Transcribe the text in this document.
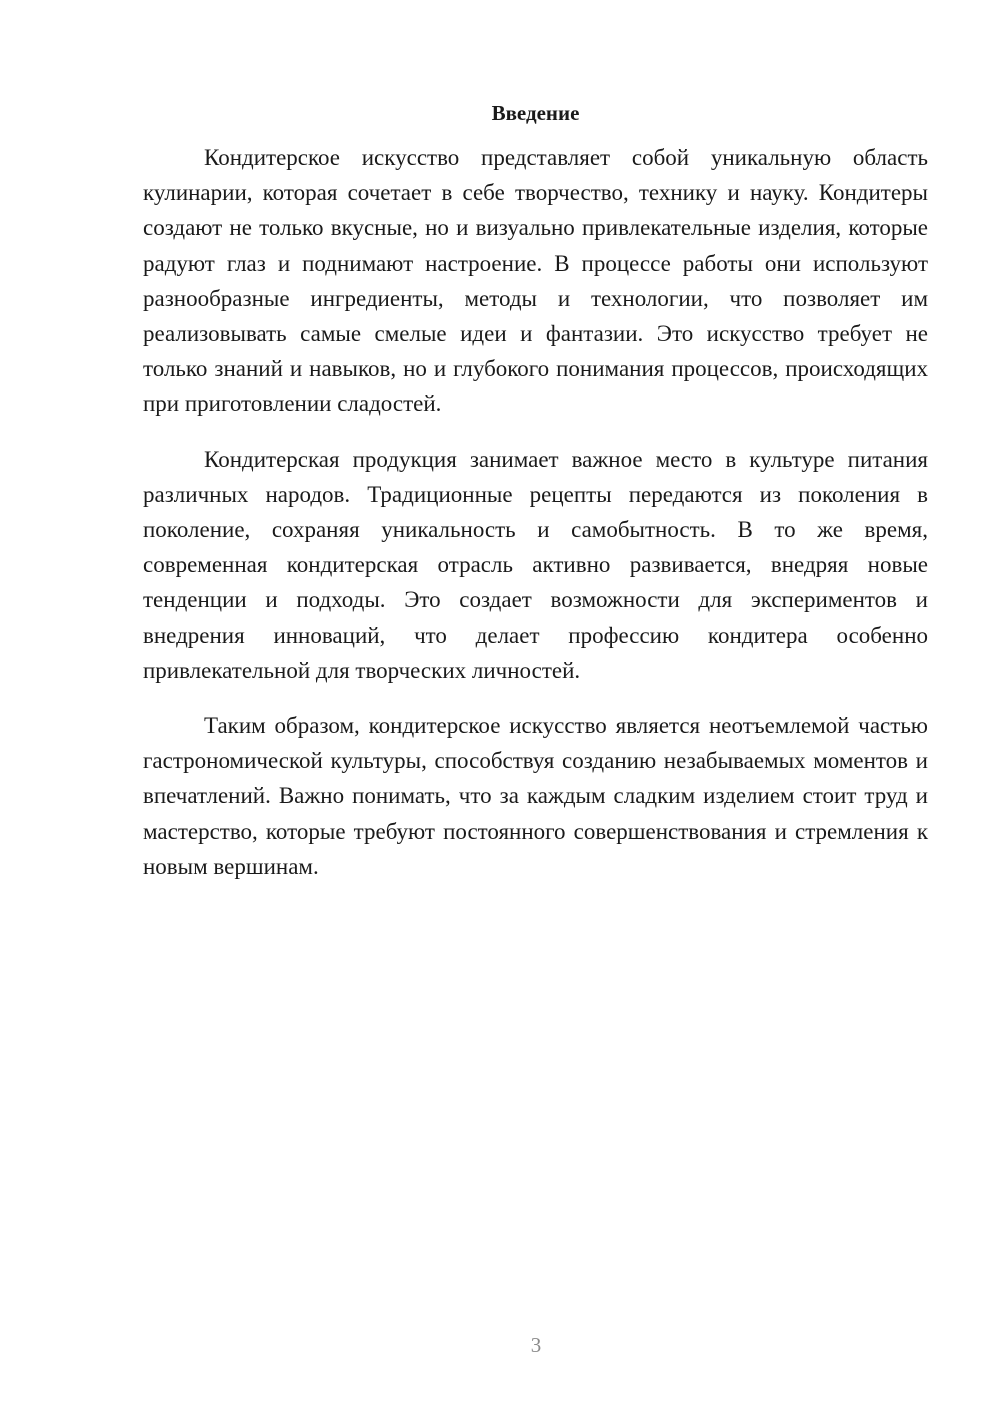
Введение

Кондитерское искусство представляет собой уникальную область кулинарии, которая сочетает в себе творчество, технику и науку. Кондитеры создают не только вкусные, но и визуально привлекательные изделия, которые радуют глаз и поднимают настроение. В процессе работы они используют разнообразные ингредиенты, методы и технологии, что позволяет им реализовывать самые смелые идеи и фантазии. Это искусство требует не только знаний и навыков, но и глубокого понимания процессов, происходящих при приготовлении сладостей.

Кондитерская продукция занимает важное место в культуре питания различных народов. Традиционные рецепты передаются из поколения в поколение, сохраняя уникальность и самобытность. В то же время, современная кондитерская отрасль активно развивается, внедряя новые тенденции и подходы. Это создает возможности для экспериментов и внедрения инноваций, что делает профессию кондитера особенно привлекательной для творческих личностей.

Таким образом, кондитерское искусство является неотъемлемой частью гастрономической культуры, способствуя созданию незабываемых моментов и впечатлений. Важно понимать, что за каждым сладким изделием стоит труд и мастерство, которые требуют постоянного совершенствования и стремления к новым вершинам.

3
